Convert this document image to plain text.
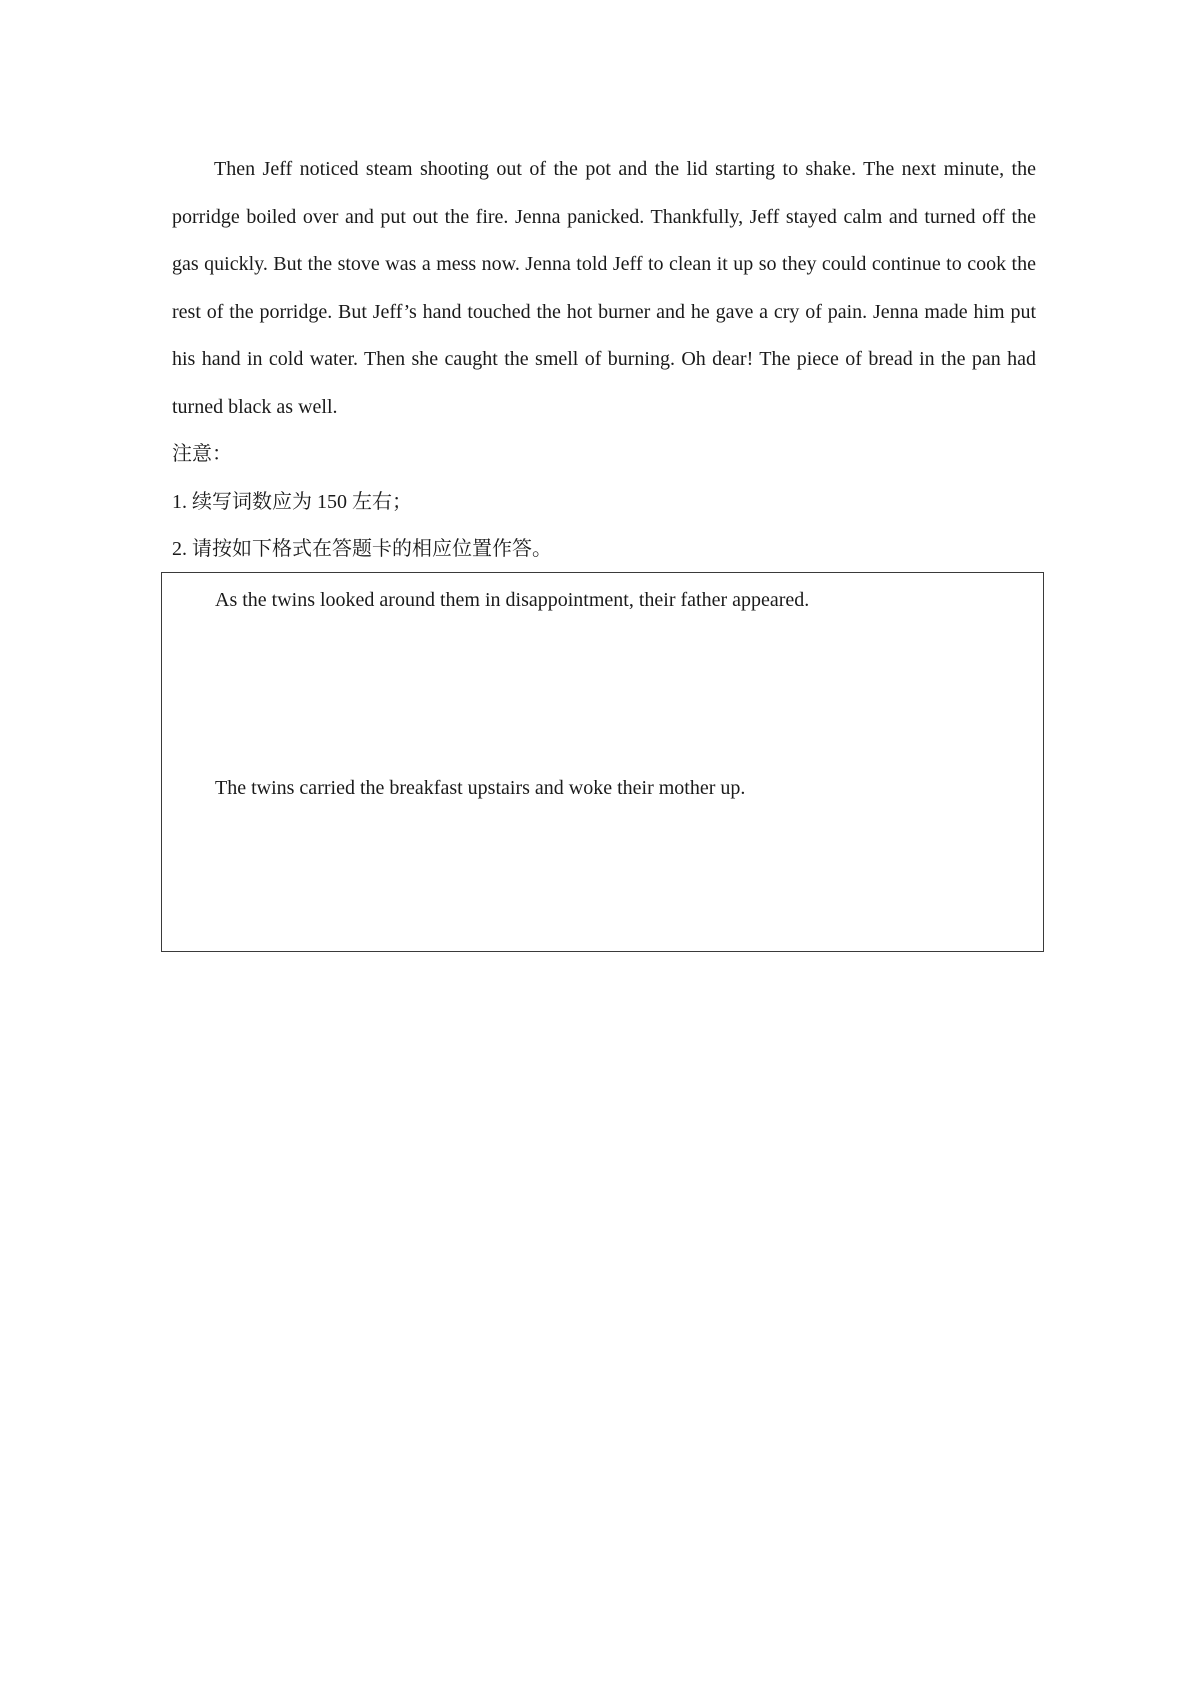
Then Jeff noticed steam shooting out of the pot and the lid starting to shake. The next minute, the porridge boiled over and put out the fire. Jenna panicked. Thankfully, Jeff stayed calm and turned off the gas quickly. But the stove was a mess now. Jenna told Jeff to clean it up so they could continue to cook the rest of the porridge. But Jeff’s hand touched the hot burner and he gave a cry of pain. Jenna made him put his hand in cold water. Then she caught the smell of burning. Oh dear! The piece of bread in the pan had turned black as well.

注意：
1. 续写词数应为 150 左右；
2. 请按如下格式在答题卡的相应位置作答。

As the twins looked around them in disappointment, their father appeared.

The twins carried the breakfast upstairs and woke their mother up.
